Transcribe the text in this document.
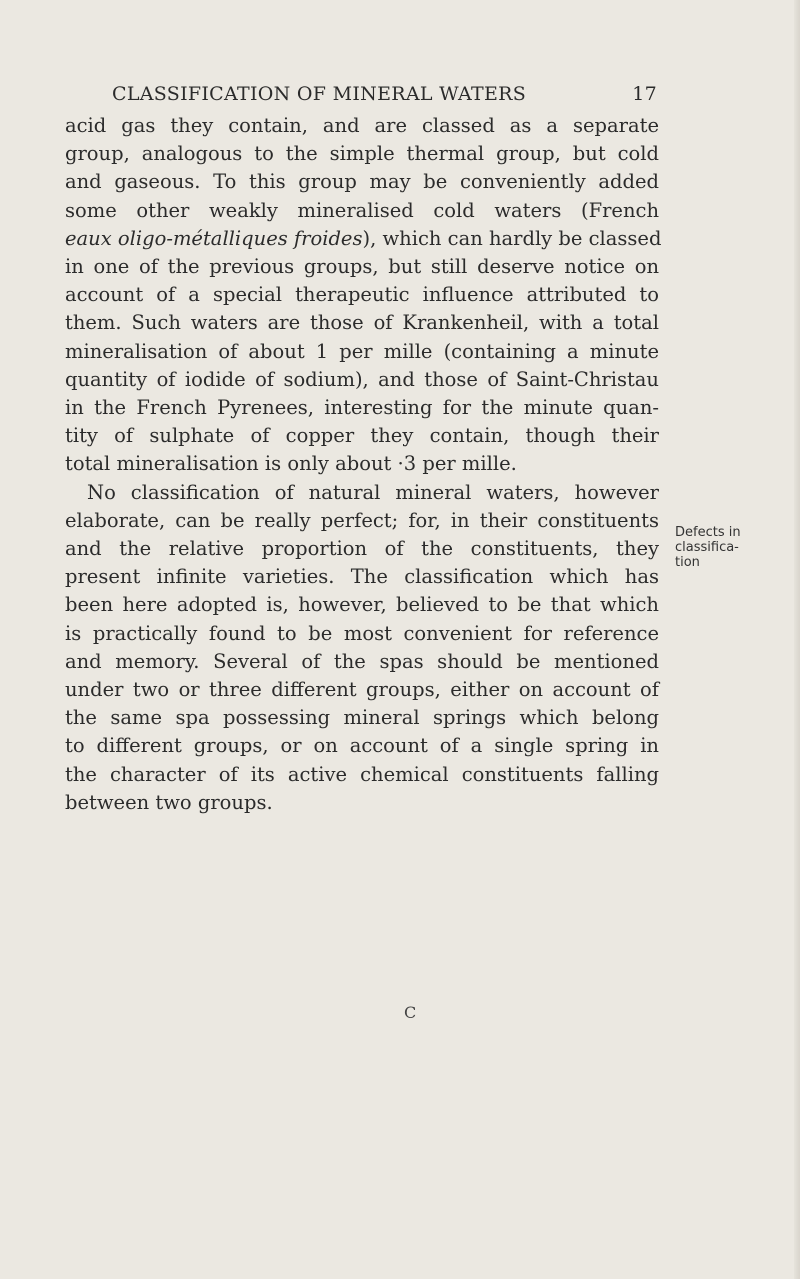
CLASSIFICATION OF MINERAL WATERS	17
acid gas they contain, and are classed as a separate
group, analogous to the simple thermal group, but cold
and gaseous. To this group may be conveniently added
some other weakly mineralised cold waters (French
eaux oligo-métalliques froides), which can hardly be classed
in one of the previous groups, but still deserve notice on
account of a special therapeutic influence attributed to
them. Such waters are those of Krankenheil, with a total
mineralisation of about 1 per mille (containing a minute
quantity of iodide of sodium), and those of Saint-Christau
in the French Pyrenees, interesting for the minute quan-
tity of sulphate of copper they contain, though their
total mineralisation is only about ·3 per mille.
No classification of natural mineral waters, however
elaborate, can be really perfect; for, in their constituents
and the relative proportion of the constituents, they
present infinite varieties. The classification which has
been here adopted is, however, believed to be that which
is practically found to be most convenient for reference
and memory. Several of the spas should be mentioned
under two or three different groups, either on account of
the same spa possessing mineral springs which belong
to different groups, or on account of a single spring in
the character of its active chemical constituents falling
between two groups.
Defects in
classifica-
tion
C
